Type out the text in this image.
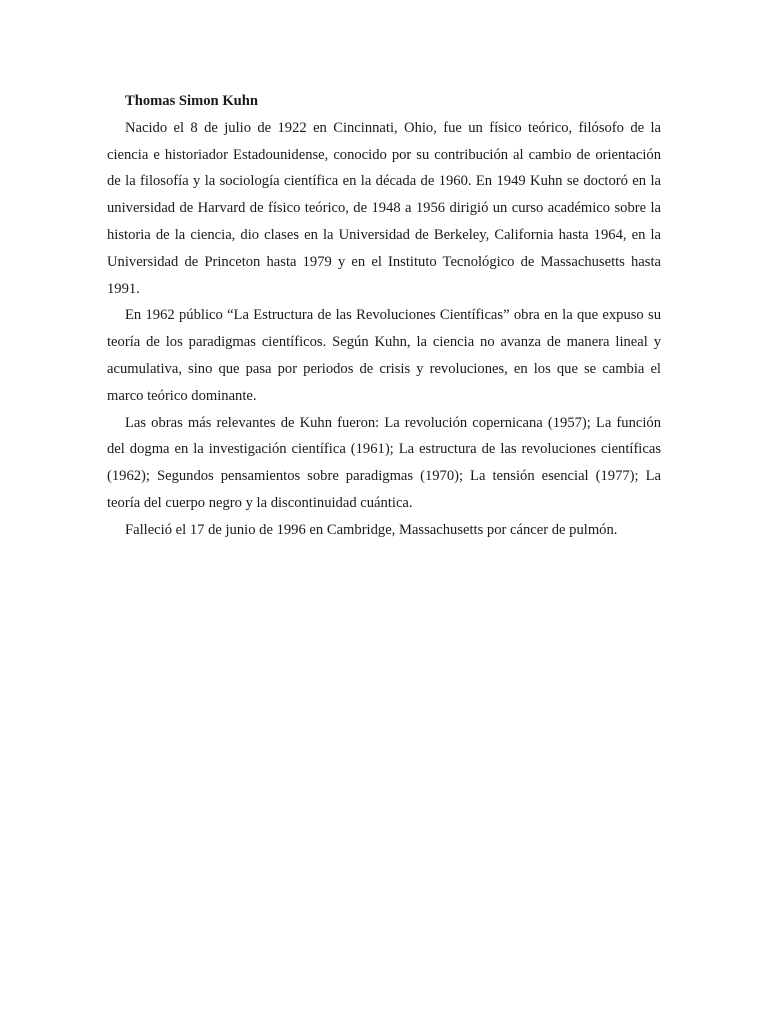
Thomas Simon Kuhn

Nacido el 8 de julio de 1922 en Cincinnati, Ohio, fue un físico teórico, filósofo de la ciencia e historiador Estadounidense, conocido por su contribución al cambio de orientación de la filosofía y la sociología científica en la década de 1960. En 1949 Kuhn se doctoró en la universidad de Harvard de físico teórico, de 1948 a 1956 dirigió un curso académico sobre la historia de la ciencia, dio clases en la Universidad de Berkeley, California hasta 1964, en la Universidad de Princeton hasta 1979 y en el Instituto Tecnológico de Massachusetts hasta 1991.

En 1962 público “La Estructura de las Revoluciones Científicas” obra en la que expuso su teoría de los paradigmas científicos. Según Kuhn, la ciencia no avanza de manera lineal y acumulativa, sino que pasa por periodos de crisis y revoluciones, en los que se cambia el marco teórico dominante.

Las obras más relevantes de Kuhn fueron: La revolución copernicana (1957); La función del dogma en la investigación científica (1961); La estructura de las revoluciones científicas (1962); Segundos pensamientos sobre paradigmas (1970); La tensión esencial (1977); La teoría del cuerpo negro y la discontinuidad cuántica.

Falleció el 17 de junio de 1996 en Cambridge, Massachusetts por cáncer de pulmón.
